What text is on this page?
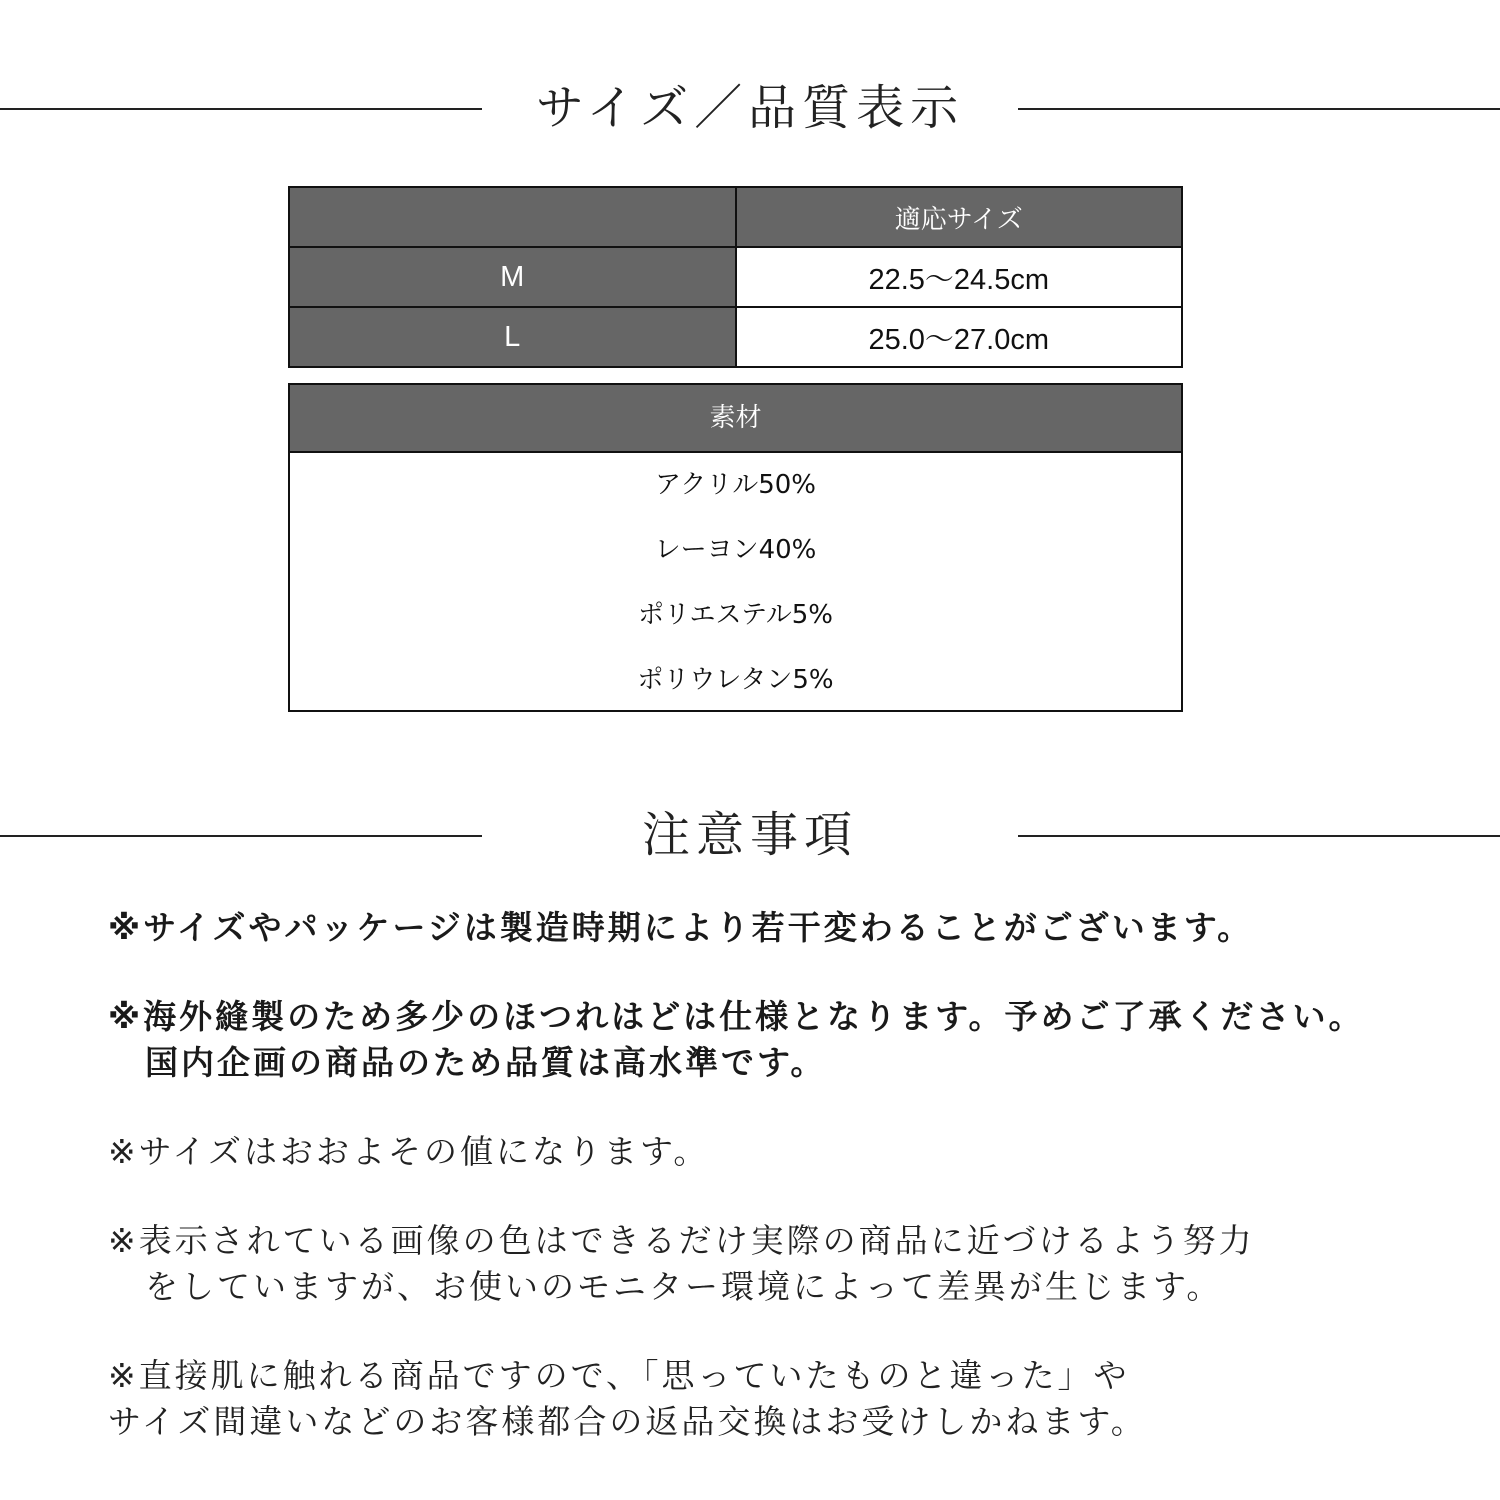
サイズ／品質表示
	適応サイズ
M	22.5～24.5cm
L	25.0～27.0cm
素材
アクリル50%
レーヨン40%
ポリエステル5%
ポリウレタン5%
注意事項
※サイズやパッケージは製造時期により若干変わることがございます。
※海外縫製のため多少のほつれはどは仕様となります。予めご了承ください。
国内企画の商品のため品質は高水準です。
※サイズはおおよその値になります。
※表示されている画像の色はできるだけ実際の商品に近づけるよう努力
をしていますが、お使いのモニター環境によって差異が生じます。
※直接肌に触れる商品ですので、「思っていたものと違った」や
サイズ間違いなどのお客様都合の返品交換はお受けしかねます。
